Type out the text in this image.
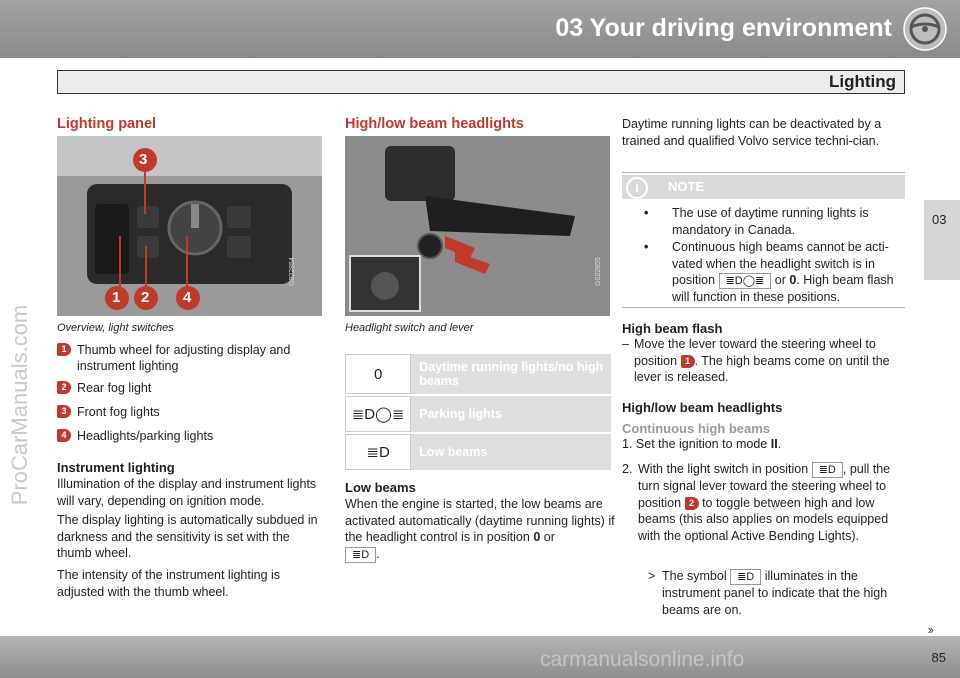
03 Your driving environment
Lighting
03
ProCarManuals.com
Lighting panel
3
1 2 4
G022854
Overview, light switches
1 Thumb wheel for adjusting display and instrument lighting
2 Rear fog light
3 Front fog lights
4 Headlights/parking lights
Instrument lighting
Illumination of the display and instrument lights will vary, depending on ignition mode.
The display lighting is automatically subdued in darkness and the sensitivity is set with the thumb wheel.
The intensity of the instrument lighting is adjusted with the thumb wheel.
High/low beam headlights
G022855
Headlight switch and lever
0	Daytime running lights/no high beams
≣D◯≣	Parking lights
≣D	Low beams
Low beams
When the engine is started, the low beams are activated automatically (daytime running lights) if the headlight control is in position 0 or
≣D .
Daytime running lights can be deactivated by a trained and qualified Volvo service techni-cian.
i	NOTE
• The use of daytime running lights is mandatory in Canada.
• Continuous high beams cannot be acti-vated when the headlight switch is in position ≣D◯≣ or 0. High beam flash will function in these positions.
High beam flash
– Move the lever toward the steering wheel to position 1 . The high beams come on until the lever is released.
High/low beam headlights
Continuous high beams
1. Set the ignition to mode II.
2. With the light switch in position ≣D , pull the turn signal lever toward the steering wheel to position 2 to toggle between high and low beams (this also applies on models equipped with the optional Active Bending Lights).
> The symbol ≣D illuminates in the instrument panel to indicate that the high beams are on.
carmanualsonline.info
››
85
